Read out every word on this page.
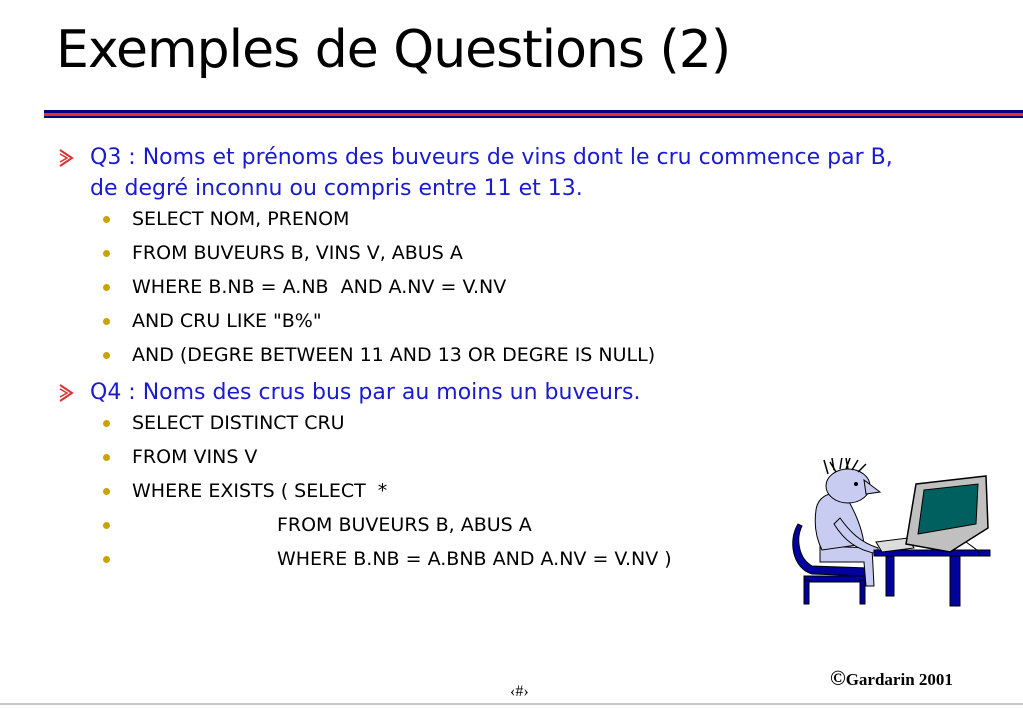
Exemples de Questions (2)
Q3 : Noms et prénoms des buveurs de vins dont le cru commence par B,
de degré inconnu ou compris entre 11 et 13.
SELECT NOM, PRENOM
FROM BUVEURS B, VINS V, ABUS A
WHERE B.NB = A.NB  AND A.NV = V.NV
AND CRU LIKE "B%"
AND (DEGRE BETWEEN 11 AND 13 OR DEGRE IS NULL)
Q4 : Noms des crus bus par au moins un buveurs.
SELECT DISTINCT CRU
FROM VINS V
WHERE EXISTS ( SELECT  *
FROM BUVEURS B, ABUS A
WHERE B.NB = A.BNB AND A.NV = V.NV )
©Gardarin 2001
‹#›
